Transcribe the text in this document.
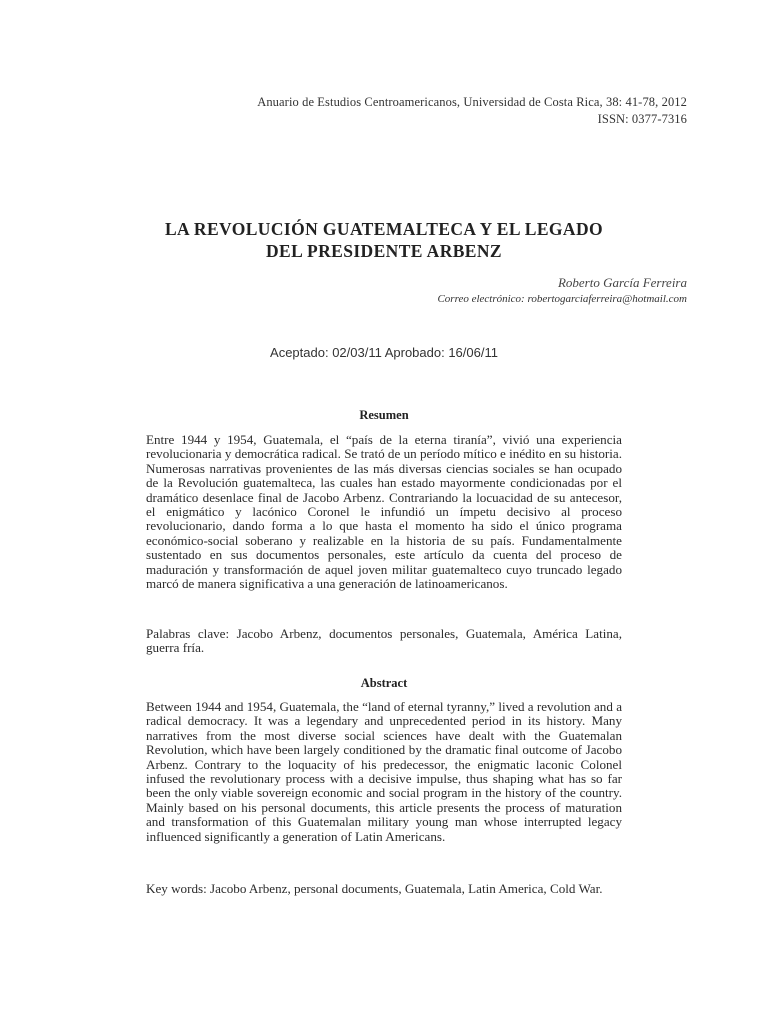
Anuario de Estudios Centroamericanos, Universidad de Costa Rica, 38: 41-78, 2012
ISSN: 0377-7316
LA REVOLUCIÓN GUATEMALTECA Y EL LEGADO
DEL PRESIDENTE ARBENZ
Roberto García Ferreira
Correo electrónico: robertogarciaferreira@hotmail.com
Aceptado: 02/03/11 Aprobado: 16/06/11
Resumen

Entre 1944 y 1954, Guatemala, el “país de la eterna tiranía”, vivió una experiencia revolucionaria y democrática radical. Se trató de un período mítico e inédito en su historia. Numerosas narrativas provenientes de las más diversas ciencias sociales se han ocupado de la Revolución guatemalteca, las cuales han estado mayormente condicionadas por el dramático desenlace final de Jacobo Arbenz. Contrariando la locuacidad de su antecesor, el enigmático y lacónico Coronel le infundió un ímpetu decisivo al proceso revolucionario, dando forma a lo que hasta el momento ha sido el único programa económico-social soberano y realizable en la historia de su país. Fundamentalmente sustentado en sus documentos personales, este artículo da cuenta del proceso de maduración y transformación de aquel joven militar guatemalteco cuyo truncado legado marcó de manera significativa a una generación de latinoamericanos.

Palabras clave: Jacobo Arbenz, documentos personales, Guatemala, América Latina, guerra fría.

Abstract

Between 1944 and 1954, Guatemala, the “land of eternal tyranny,” lived a revolution and a radical democracy. It was a legendary and unprecedented period in its history. Many narratives from the most diverse social sciences have dealt with the Guatemalan Revolution, which have been largely conditioned by the dramatic final outcome of Jacobo Arbenz. Contrary to the loquacity of his predecessor, the enigmatic laconic Colonel infused the revolutionary process with a decisive impulse, thus shaping what has so far been the only viable sovereign economic and social program in the history of the country. Mainly based on his personal documents, this article presents the process of maturation and transformation of this Guatemalan military young man whose interrupted legacy influenced significantly a generation of Latin Americans.

Key words: Jacobo Arbenz, personal documents, Guatemala, Latin America, Cold War.
